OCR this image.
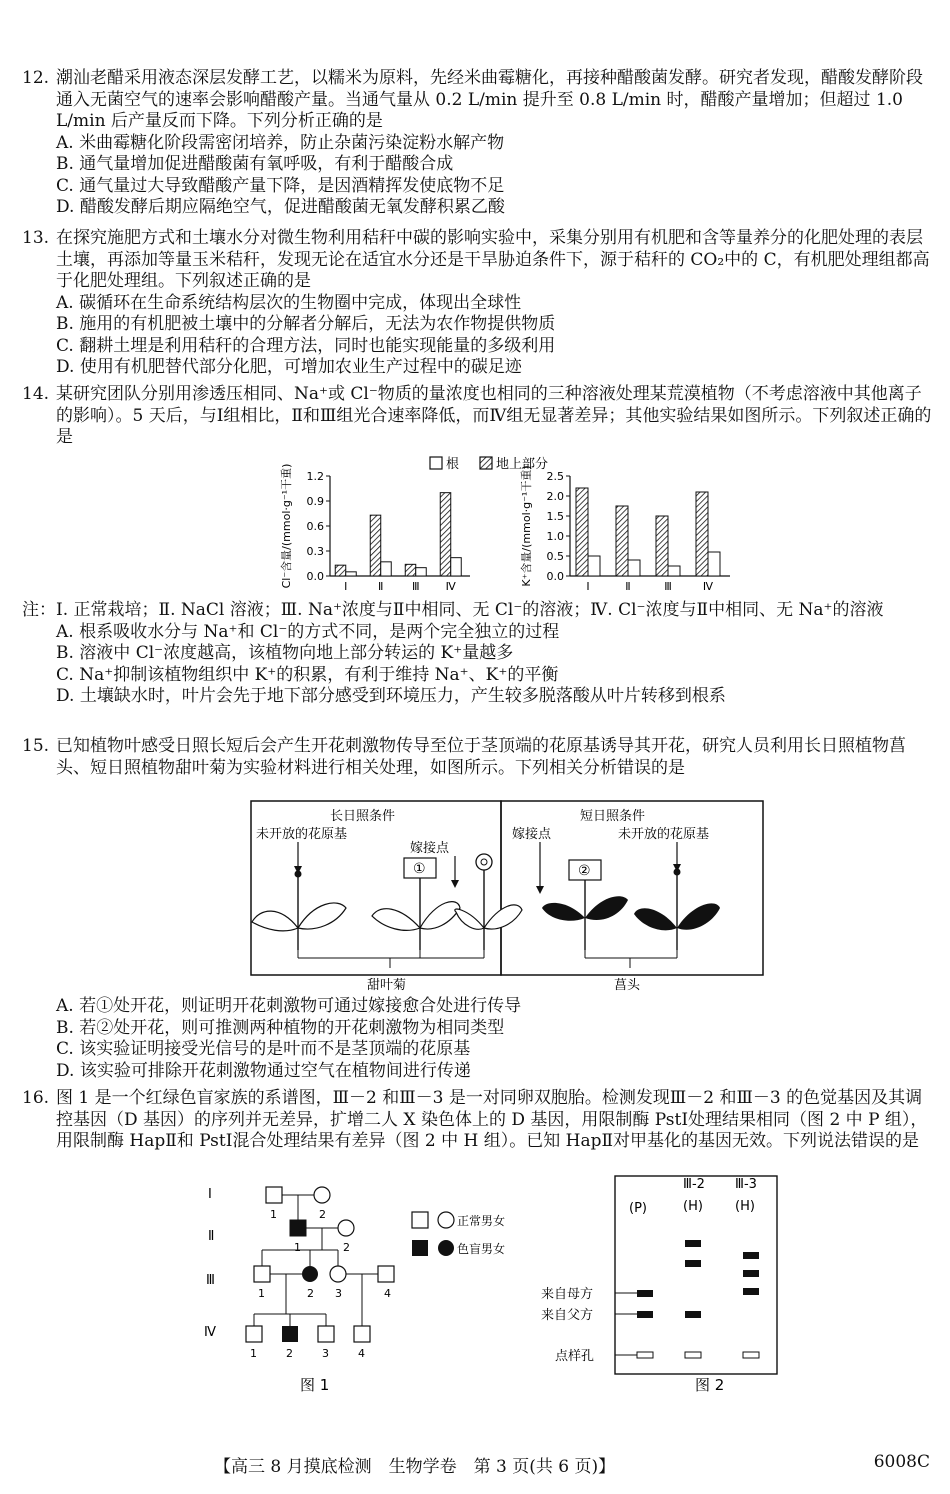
12. 潮汕老醋采用液态深层发酵工艺，以糯米为原料，先经米曲霉糖化，再接种醋酸菌发酵。研究者发现，醋酸发酵阶段通入无菌空气的速率会影响醋酸产量。当通气量从 0.2 L/min 提升至 0.8 L/min 时，醋酸产量增加；但超过 1.0 L/min 后产量反而下降。下列分析正确的是
A. 米曲霉糖化阶段需密闭培养，防止杂菌污染淀粉水解产物
B. 通气量增加促进醋酸菌有氧呼吸，有利于醋酸合成
C. 通气量过大导致醋酸产量下降，是因酒精挥发使底物不足
D. 醋酸发酵后期应隔绝空气，促进醋酸菌无氧发酵积累乙酸
13. 在探究施肥方式和土壤水分对微生物利用秸秆中碳的影响实验中，采集分别用有机肥和含等量养分的化肥处理的表层土壤，再添加等量玉米秸秆，发现无论在适宜水分还是干旱胁迫条件下，源于秸秆的 CO₂中的 C，有机肥处理组都高于化肥处理组。下列叙述正确的是
A. 碳循环在生命系统结构层次的生物圈中完成，体现出全球性
B. 施用的有机肥被土壤中的分解者分解后，无法为农作物提供物质
C. 翻耕土埋是利用秸秆的合理方法，同时也能实现能量的多级利用
D. 使用有机肥替代部分化肥，可增加农业生产过程中的碳足迹
14. 某研究团队分别用渗透压相同、Na⁺或 Cl⁻物质的量浓度也相同的三种溶液处理某荒漠植物（不考虑溶液中其他离子的影响）。5 天后，与Ⅰ组相比，Ⅱ和Ⅲ组光合速率降低，而Ⅳ组无显著差异；其他实验结果如图所示。下列叙述正确的是
根	地上部分
0.0
0.3
0.6
0.9
1.2
Cl⁻含量/(mmol·g⁻¹干重)	Ⅰ	Ⅱ	Ⅲ Ⅳ
0.0
0.5
1.0
1.5
2.0
2.5
K⁺含量/(mmol·g⁻¹干重)	Ⅰ	Ⅱ	Ⅲ	Ⅳ
注：Ⅰ. 正常栽培；Ⅱ. NaCl 溶液；Ⅲ. Na⁺浓度与Ⅱ中相同、无 Cl⁻的溶液；Ⅳ. Cl⁻浓度与Ⅱ中相同、无 Na⁺的溶液
A. 根系吸收水分与 Na⁺和 Cl⁻的方式不同，是两个完全独立的过程
B. 溶液中 Cl⁻浓度越高，该植物向地上部分转运的 K⁺量越多
C. Na⁺抑制该植物组织中 K⁺的积累，有利于维持 Na⁺、K⁺的平衡
D. 土壤缺水时，叶片会先于地下部分感受到环境压力，产生较多脱落酸从叶片转移到根系
15. 已知植物叶感受日照长短后会产生开花刺激物传导至位于茎顶端的花原基诱导其开花，研究人员利用长日照植物菖头、短日照植物甜叶菊为实验材料进行相关处理，如图所示。下列相关分析错误的是
长日照条件	短日照条件
未开放的花原基
嫁接点
嫁接点	未开放的花原基
①	②
甜叶菊	菖头
A. 若①处开花，则证明开花刺激物可通过嫁接愈合处进行传导
B. 若②处开花，则可推测两种植物的开花刺激物为相同类型
C. 该实验证明接受光信号的是叶而不是茎顶端的花原基
D. 该实验可排除开花刺激物通过空气在植物间进行传递
16. 图 1 是一个红绿色盲家族的系谱图，Ⅲ－2 和Ⅲ－3 是一对同卵双胞胎。检测发现Ⅲ－2 和Ⅲ－3 的色觉基因及其调控基因（D 基因）的序列并无差异，扩增二人 X 染色体上的 D 基因，用限制酶 PstⅠ处理结果相同（图 2 中 P 组），用限制酶 HapⅡ和 PstⅠ混合处理结果有差异（图 2 中 H 组）。已知 HapⅡ对甲基化的基因无效。下列说法错误的是
Ⅰ
Ⅱ
Ⅲ
Ⅳ
1	2
1	2
1	2 3	4
1	2	3	4
正常男女
色盲男女
图 1
Ⅲ-2 Ⅲ-3
(P)	(H) (H)
来自母方
来自父方
点样孔
图 2
【高三 8 月摸底检测　生物学卷　第 3 页(共 6 页)】	6008C
